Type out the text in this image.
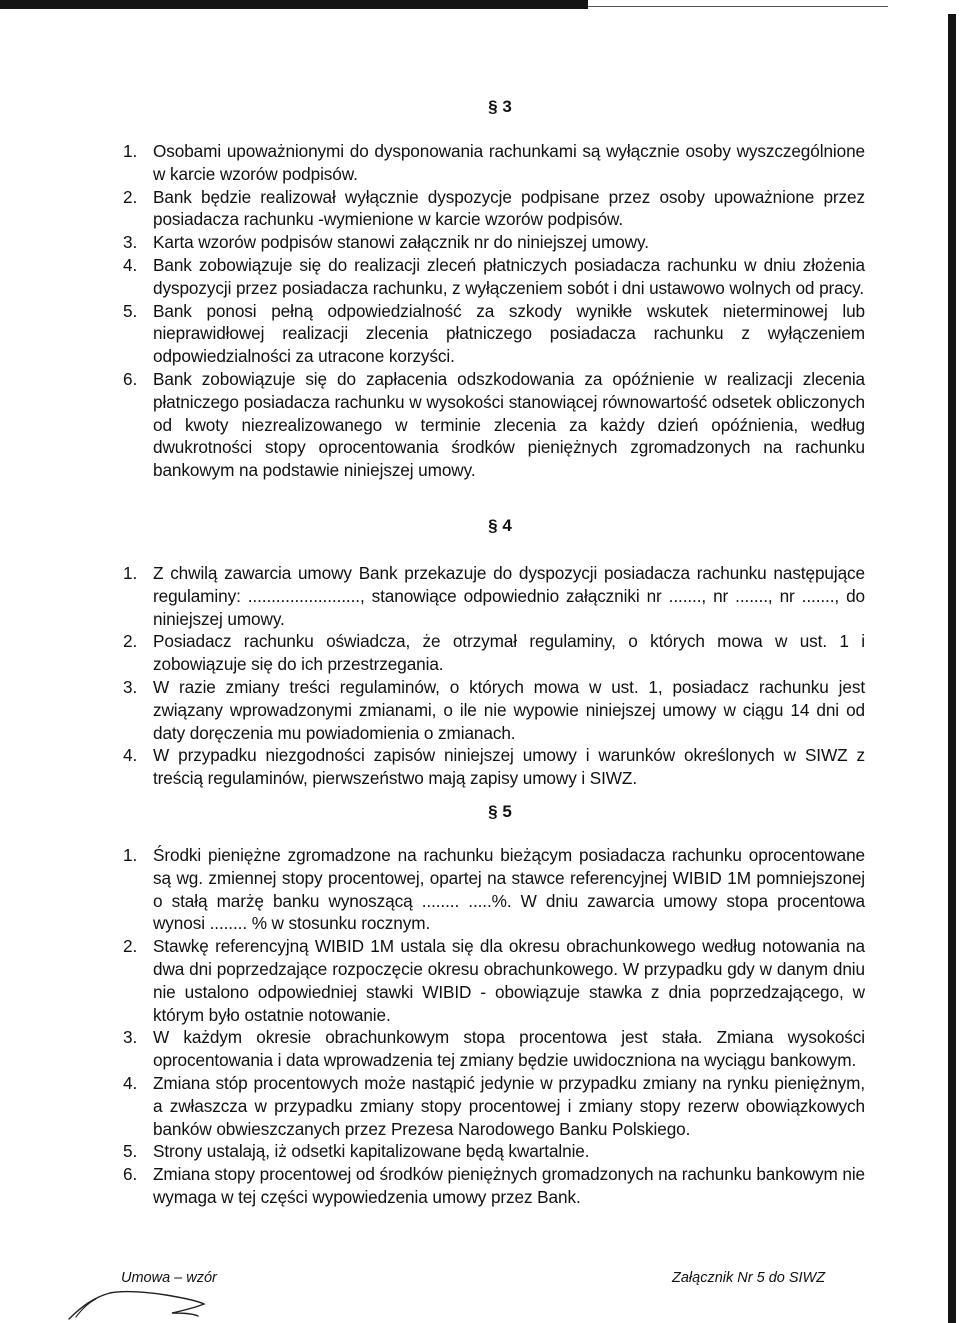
§ 3
1. Osobami upoważnionymi do dysponowania rachunkami są wyłącznie osoby wyszczególnione w karcie wzorów podpisów.
2. Bank będzie realizował wyłącznie dyspozycje podpisane przez osoby upoważnione przez posiadacza rachunku -wymienione w karcie wzorów podpisów.
3. Karta wzorów podpisów stanowi załącznik nr do niniejszej umowy.
4. Bank zobowiązuje się do realizacji zleceń płatniczych posiadacza rachunku w dniu złożenia dyspozycji przez posiadacza rachunku, z wyłączeniem sobót i dni ustawowo wolnych od pracy.
5. Bank ponosi pełną odpowiedzialność za szkody wynikłe wskutek nieterminowej lub nieprawidłowej realizacji zlecenia płatniczego posiadacza rachunku z wyłączeniem odpowiedzialności za utracone korzyści.
6. Bank zobowiązuje się do zapłacenia odszkodowania za opóźnienie w realizacji zlecenia płatniczego posiadacza rachunku w wysokości stanowiącej równowartość odsetek obliczonych od kwoty niezrealizowanego w terminie zlecenia za każdy dzień opóźnienia, według dwukrotności stopy oprocentowania środków pieniężnych zgromadzonych na rachunku bankowym na podstawie niniejszej umowy.
§ 4
1. Z chwilą zawarcia umowy Bank przekazuje do dyspozycji posiadacza rachunku następujące regulaminy: ........................, stanowiące odpowiednio załączniki nr ......., nr ......., nr ......., do niniejszej umowy.
2. Posiadacz rachunku oświadcza, że otrzymał regulaminy, o których mowa w ust. 1 i zobowiązuje się do ich przestrzegania.
3. W razie zmiany treści regulaminów, o których mowa w ust. 1, posiadacz rachunku jest związany wprowadzonymi zmianami, o ile nie wypowie niniejszej umowy w ciągu 14 dni od daty doręczenia mu powiadomienia o zmianach.
4. W przypadku niezgodności zapisów niniejszej umowy i warunków określonych w SIWZ z treścią regulaminów, pierwszeństwo mają zapisy umowy i SIWZ.
§ 5
1. Środki pieniężne zgromadzone na rachunku bieżącym posiadacza rachunku oprocentowane są wg. zmiennej stopy procentowej, opartej na stawce referencyjnej WIBID 1M pomniejszonej o stałą marżę banku wynoszącą ........ .....%. W dniu zawarcia umowy stopa procentowa wynosi ........ % w stosunku rocznym.
2. Stawkę referencyjną WIBID 1M ustala się dla okresu obrachunkowego według notowania na dwa dni poprzedzające rozpoczęcie okresu obrachunkowego. W przypadku gdy w danym dniu nie ustalono odpowiedniej stawki WIBID - obowiązuje stawka z dnia poprzedzającego, w którym było ostatnie notowanie.
3. W każdym okresie obrachunkowym stopa procentowa jest stała. Zmiana wysokości oprocentowania i data wprowadzenia tej zmiany będzie uwidoczniona na wyciągu bankowym.
4. Zmiana stóp procentowych może nastąpić jedynie w przypadku zmiany na rynku pieniężnym, a zwłaszcza w przypadku zmiany stopy procentowej i zmiany stopy rezerw obowiązkowych banków obwieszczanych przez Prezesa Narodowego Banku Polskiego.
5. Strony ustalają, iż odsetki kapitalizowane będą kwartalnie.
6. Zmiana stopy procentowej od środków pieniężnych gromadzonych na rachunku bankowym nie wymaga w tej części wypowiedzenia umowy przez Bank.
Umowa – wzór	Załącznik Nr 5 do SIWZ
